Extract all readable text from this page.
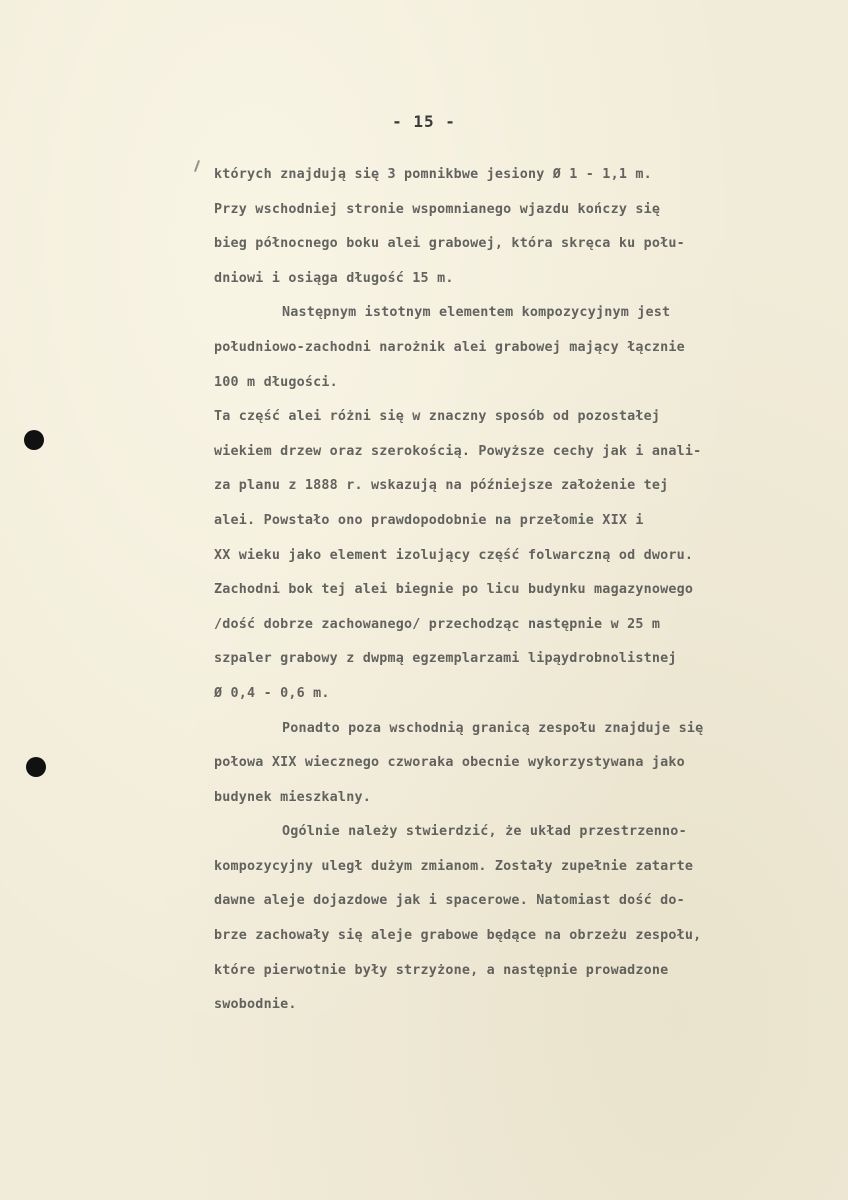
- 15 -
których znajdują się 3 pomnikbwe jesiony Ø 1 - 1,1 m.
Przy wschodniej stronie wspomnianego wjazdu kończy się
bieg północnego boku alei grabowej, która skręca ku połu-
dniowi i osiąga długość 15 m.
Następnym istotnym elementem kompozycyjnym jest
południowo-zachodni narożnik alei grabowej mający łącznie
100 m długości.
Ta część alei różni się w znaczny sposób od pozostałej
wiekiem drzew oraz szerokością. Powyższe cechy jak i anali-
za planu z 1888 r. wskazują na późniejsze założenie tej
alei. Powstało ono prawdopodobnie na przełomie XIX i
XX wieku jako element izolujący część folwarczną od dworu.
Zachodni bok tej alei biegnie po licu budynku magazynowego
/dość dobrze zachowanego/ przechodząc następnie w 25 m
szpaler grabowy z dwpmą egzemplarzami lipąydrobnolistnej
Ø 0,4 - 0,6 m.
Ponadto poza wschodnią granicą zespołu znajduje się
połowa XIX wiecznego czworaka obecnie wykorzystywana jako
budynek mieszkalny.
Ogólnie należy stwierdzić, że układ przestrzenno-
kompozycyjny uległ dużym zmianom. Zostały zupełnie zatarte
dawne aleje dojazdowe jak i spacerowe. Natomiast dość do-
brze zachowały się aleje grabowe będące na obrzeżu zespołu,
które pierwotnie były strzyżone, a następnie prowadzone
swobodnie.
